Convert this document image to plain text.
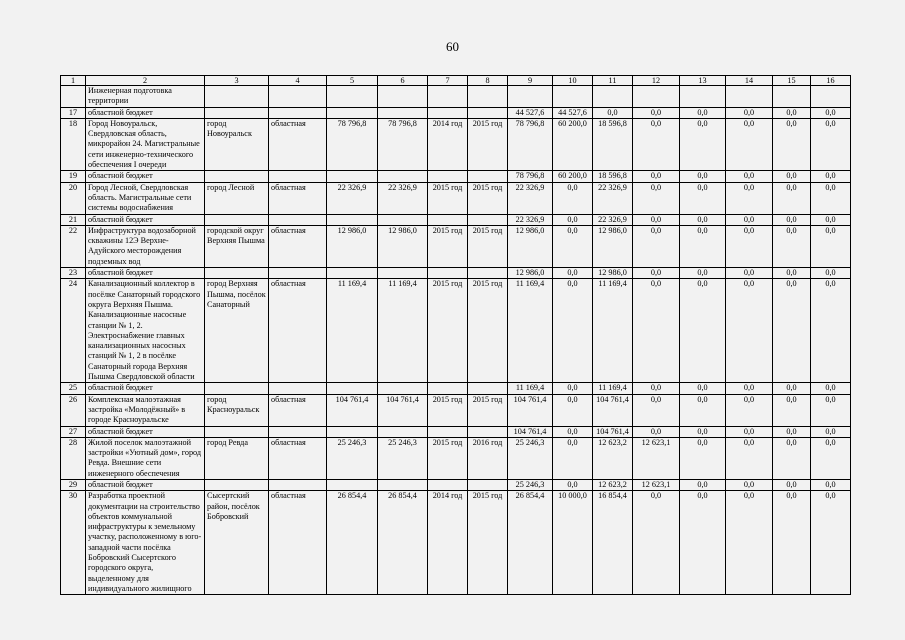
60
1	2	3	4	5	6	7	8	9	10	11	12	13	14	15	16
	Инженерная подготовка территории														
17	областной бюджет							44 527,6	44 527,6	0,0	0,0	0,0	0,0	0,0	0,0
18	Город Новоуральск, Свердловская область, микрорайон 24. Магистральные сети инженерно-технического обеспечения I очереди	город Новоуральск	областная	78 796,8	78 796,8	2014 год	2015 год	78 796,8	60 200,0	18 596,8	0,0	0,0	0,0	0,0	0,0
19	областной бюджет							78 796,8	60 200,0	18 596,8	0,0	0,0	0,0	0,0	0,0
20	Город Лесной, Свердловская область. Магистральные сети системы водоснабжения	город Лесной	областная	22 326,9	22 326,9	2015 год	2015 год	22 326,9	0,0	22 326,9	0,0	0,0	0,0	0,0	0,0
21	областной бюджет							22 326,9	0,0	22 326,9	0,0	0,0	0,0	0,0	0,0
22	Инфраструктура водозаборной скважины 12Э Верхне-Адуйского месторождения подземных вод	городской округ Верхняя Пышма	областная	12 986,0	12 986,0	2015 год	2015 год	12 986,0	0,0	12 986,0	0,0	0,0	0,0	0,0	0,0
23	областной бюджет							12 986,0	0,0	12 986,0	0,0	0,0	0,0	0,0	0,0
24	Канализационный коллектор в посёлке Санаторный городского округа Верхняя Пышма. Канализационные насосные станции № 1, 2. Электроснабжение главных канализационных насосных станций № 1, 2 в посёлке Санаторный города Верхняя Пышма Свердловской области	город Верхняя Пышма, посёлок Санаторный	областная	11 169,4	11 169,4	2015 год	2015 год	11 169,4	0,0	11 169,4	0,0	0,0	0,0	0,0	0,0
25	областной бюджет							11 169,4	0,0	11 169,4	0,0	0,0	0,0	0,0	0,0
26	Комплексная малоэтажная застройка «Молодёжный» в городе Красноуральске	город Красноуральск	областная	104 761,4	104 761,4	2015 год	2015 год	104 761,4	0,0	104 761,4	0,0	0,0	0,0	0,0	0,0
27	областной бюджет							104 761,4	0,0	104 761,4	0,0	0,0	0,0	0,0	0,0
28	Жилой поселок малоэтажной застройки «Уютный дом», город Ревда. Внешние сети инженерного обеспечения	город Ревда	областная	25 246,3	25 246,3	2015 год	2016 год	25 246,3	0,0	12 623,2	12 623,1	0,0	0,0	0,0	0,0
29	областной бюджет							25 246,3	0,0	12 623,2	12 623,1	0,0	0,0	0,0	0,0
30	Разработка проектной документации на строительство объектов коммунальной инфраструктуры к земельному участку, расположенному в юго-западной части посёлка Бобровский Сысертского городского округа, выделенному для индивидуального жилищного	Сысертский район, посёлок Бобровский	областная	26 854,4	26 854,4	2014 год	2015 год	26 854,4	10 000,0	16 854,4	0,0	0,0	0,0	0,0	0,0
